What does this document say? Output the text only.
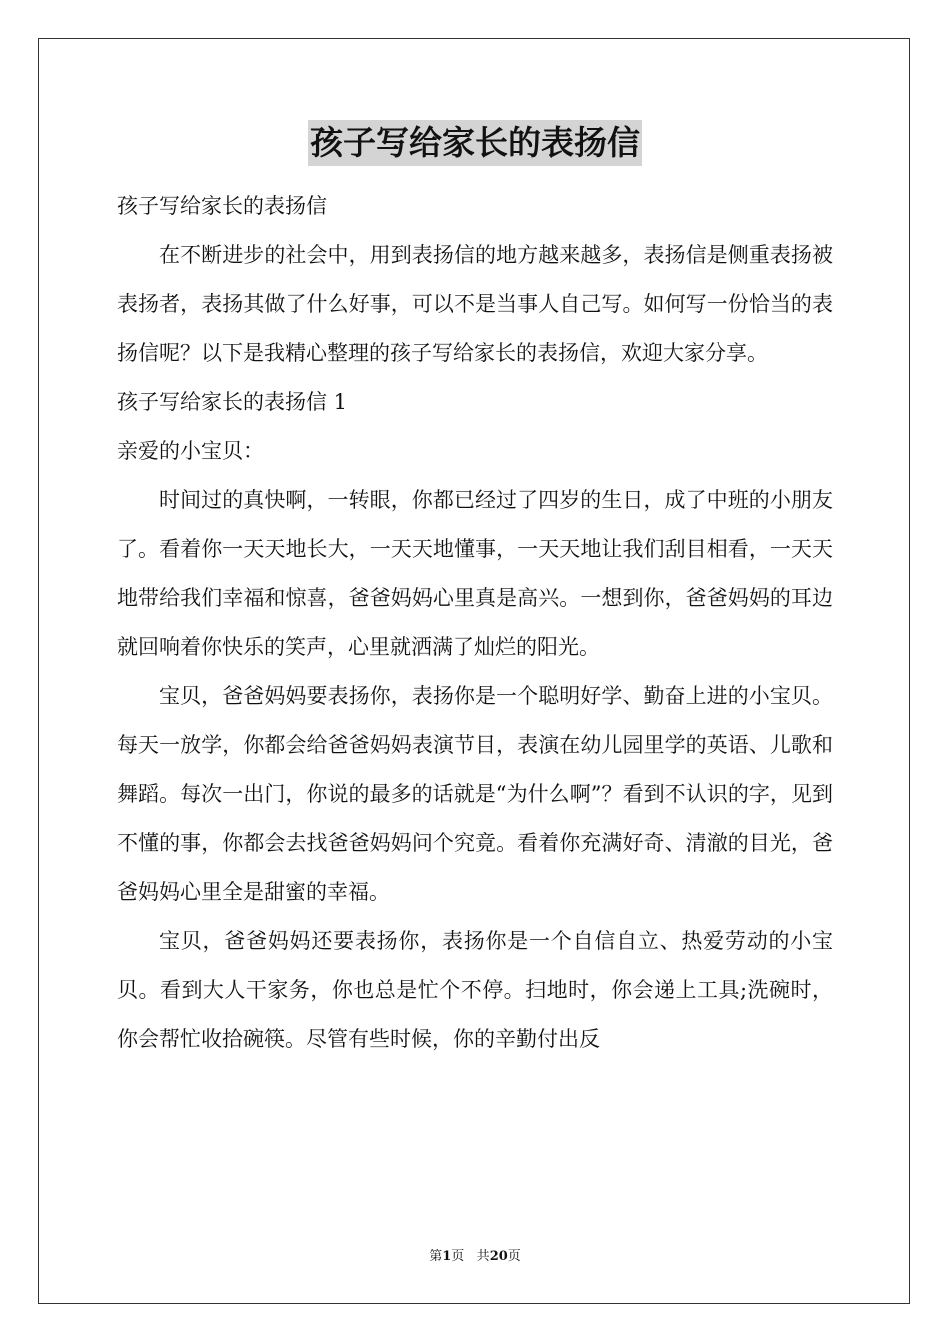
孩子写给家长的表扬信

孩子写给家长的表扬信

在不断进步的社会中，用到表扬信的地方越来越多，表扬信是侧重表扬被表扬者，表扬其做了什么好事，可以不是当事人自己写。如何写一份恰当的表扬信呢？以下是我精心整理的孩子写给家长的表扬信，欢迎大家分享。

孩子写给家长的表扬信 1

亲爱的小宝贝：

时间过的真快啊，一转眼，你都已经过了四岁的生日，成了中班的小朋友了。看着你一天天地长大，一天天地懂事，一天天地让我们刮目相看，一天天地带给我们幸福和惊喜，爸爸妈妈心里真是高兴。一想到你，爸爸妈妈的耳边就回响着你快乐的笑声，心里就洒满了灿烂的阳光。

宝贝，爸爸妈妈要表扬你，表扬你是一个聪明好学、勤奋上进的小宝贝。每天一放学，你都会给爸爸妈妈表演节目，表演在幼儿园里学的英语、儿歌和舞蹈。每次一出门，你说的最多的话就是“为什么啊”？看到不认识的字，见到不懂的事，你都会去找爸爸妈妈问个究竟。看着你充满好奇、清澈的目光，爸爸妈妈心里全是甜蜜的幸福。

宝贝，爸爸妈妈还要表扬你，表扬你是一个自信自立、热爱劳动的小宝贝。看到大人干家务，你也总是忙个不停。扫地时，你会递上工具;洗碗时，你会帮忙收拾碗筷。尽管有些时候，你的辛勤付出反

第1页 共20页
